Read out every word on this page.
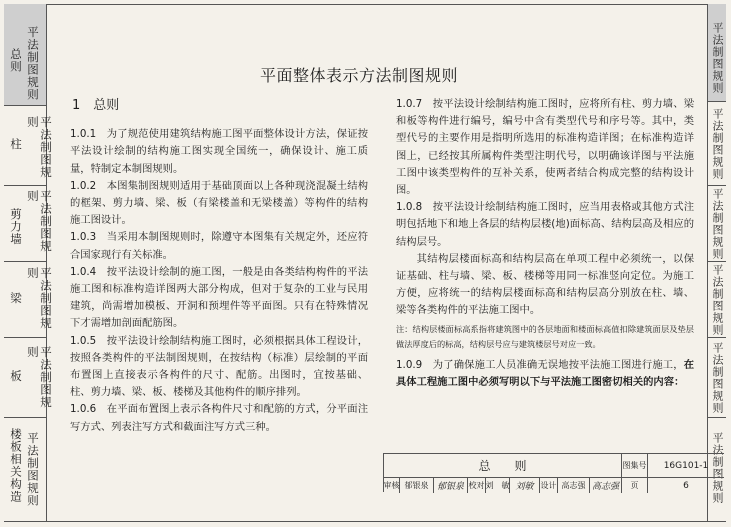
总则 平法制图规则
柱	平法制图规则
剪力墙	平法制图规则
梁	平法制图规则
板	平法制图规则
楼板相关构造 平法制图规则
平法制图规则
平法制图规则
平法制图规则
平法制图规则
平法制图规则
平法制图规则
平面整体表示方法制图规则

1　总则

1.0.1　为了规范使用建筑结构施工图平面整体设计方法，保证按平法设计绘制的结构施工图实现全国统一，确保设计、施工质量，特制定本制图规则。

1.0.2　本图集制图规则适用于基础顶面以上各种现浇混凝土结构的框架、剪力墙、梁、板（有梁楼盖和无梁楼盖）等构件的结构施工图设计。

1.0.3　当采用本制图规则时，除遵守本图集有关规定外，还应符合国家现行有关标准。

1.0.4　按平法设计绘制的施工图，一般是由各类结构构件的平法施工图和标准构造详图两大部分构成，但对于复杂的工业与民用建筑，尚需增加模板、开洞和预埋件等平面图。只有在特殊情况下才需增加剖面配筋图。

1.0.5　按平法设计绘制结构施工图时，必须根据具体工程设计，按照各类构件的平法制图规则，在按结构（标准）层绘制的平面布置图上直接表示各构件的尺寸、配筋。出图时，宜按基础、柱、剪力墙、梁、板、楼梯及其他构件的顺序排列。

1.0.6　在平面布置图上表示各构件尺寸和配筋的方式，分平面注写方式、列表注写方式和截面注写方式三种。

1.0.7　按平法设计绘制结构施工图时，应将所有柱、剪力墙、梁和板等构件进行编号，编号中含有类型代号和序号等。其中，类型代号的主要作用是指明所选用的标准构造详图；在标准构造详图上，已经按其所属构件类型注明代号，以明确该详图与平法施工图中该类型构件的互补关系，使两者结合构成完整的结构设计图。

1.0.8　按平法设计绘制结构施工图时，应当用表格或其他方式注明包括地下和地上各层的结构层楼(地)面标高、结构层高及相应的结构层号。

其结构层楼面标高和结构层高在单项工程中必须统一，以保证基础、柱与墙、梁、板、楼梯等用同一标准竖向定位。为施工方便，应将统一的结构层楼面标高和结构层高分别放在柱、墙、梁等各类构件的平法施工图中。

注：结构层楼面标高系指将建筑图中的各层地面和楼面标高值扣除建筑面层及垫层做法厚度后的标高，结构层号应与建筑楼层号对应一致。

1.0.9　为了确保施工人员准确无误地按平法施工图进行施工，在具体工程施工图中必须写明以下与平法施工图密切相关的内容：

总　　则	图集号	16G101-1
审核 郁银泉 郁银泉 校对 刘　敏 刘敏 设计 高志强 高志强	页	6
